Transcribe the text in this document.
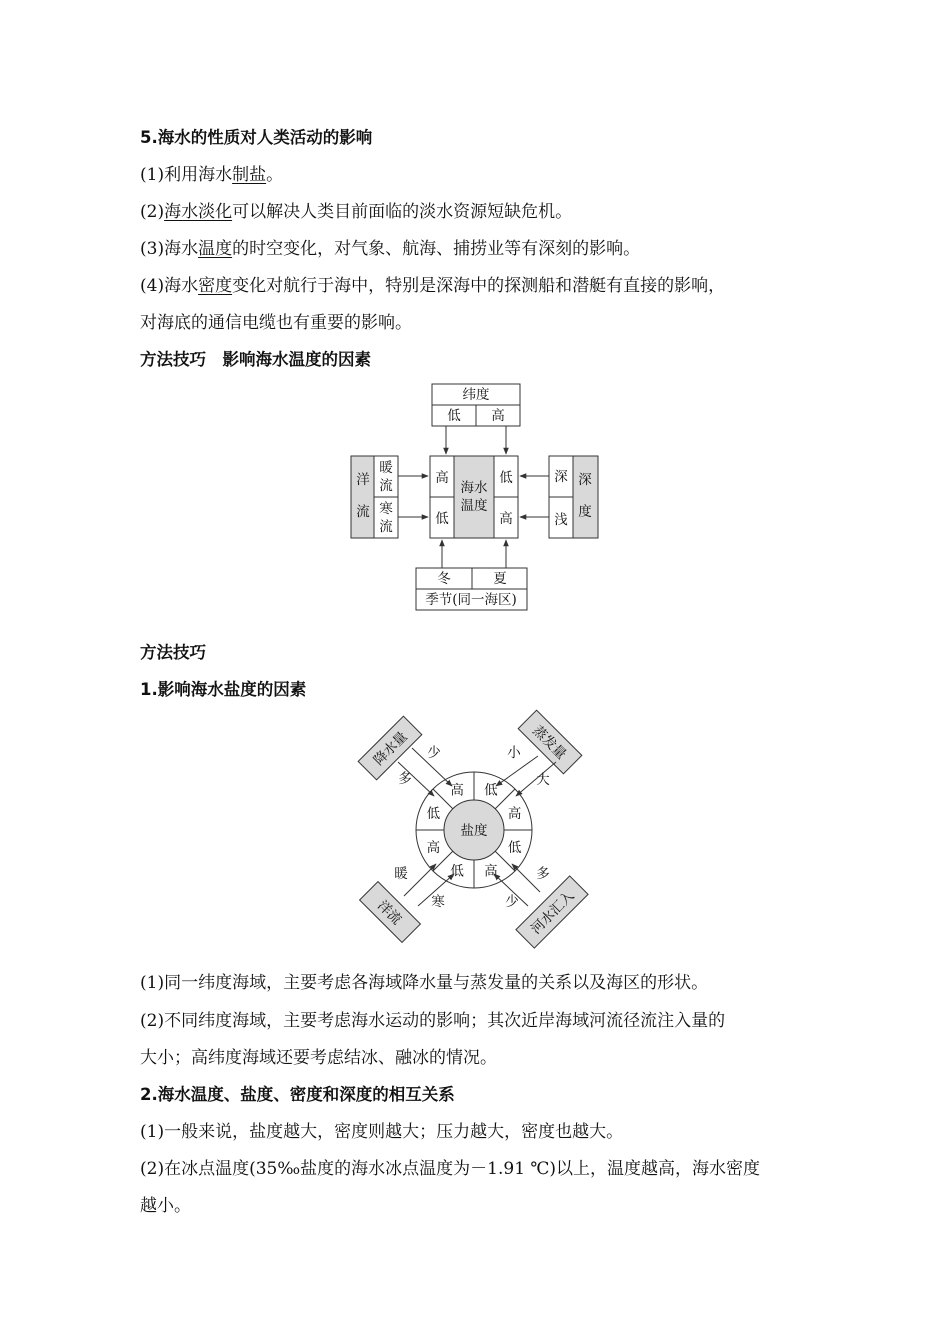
5.海水的性质对人类活动的影响
(1)利用海水制盐。
(2)海水淡化可以解决人类目前面临的淡水资源短缺危机。
(3)海水温度的时空变化，对气象、航海、捕捞业等有深刻的影响。
(4)海水密度变化对航行于海中，特别是深海中的探测船和潜艇有直接的影响，
对海底的通信电缆也有重要的影响。
方法技巧　影响海水温度的因素
纬度
低 高
高
低
低
高
海水
温度
洋
流
暖
流
寒
流
深
浅
深
度
冬	夏
季节(同一海区)
高 低
高
低
高
低
高
低
盐度
降水量	蒸发量
洋流	河水汇入
少
多
小
大
暖
寒	少
多
方法技巧
1.影响海水盐度的因素
(1)同一纬度海域，主要考虑各海域降水量与蒸发量的关系以及海区的形状。
(2)不同纬度海域，主要考虑海水运动的影响；其次近岸海域河流径流注入量的
大小；高纬度海域还要考虑结冰、融冰的情况。
2.海水温度、盐度、密度和深度的相互关系
(1)一般来说，盐度越大，密度则越大；压力越大，密度也越大。
(2)在冰点温度(35‰盐度的海水冰点温度为－1.91 ℃)以上，温度越高，海水密度
越小。
